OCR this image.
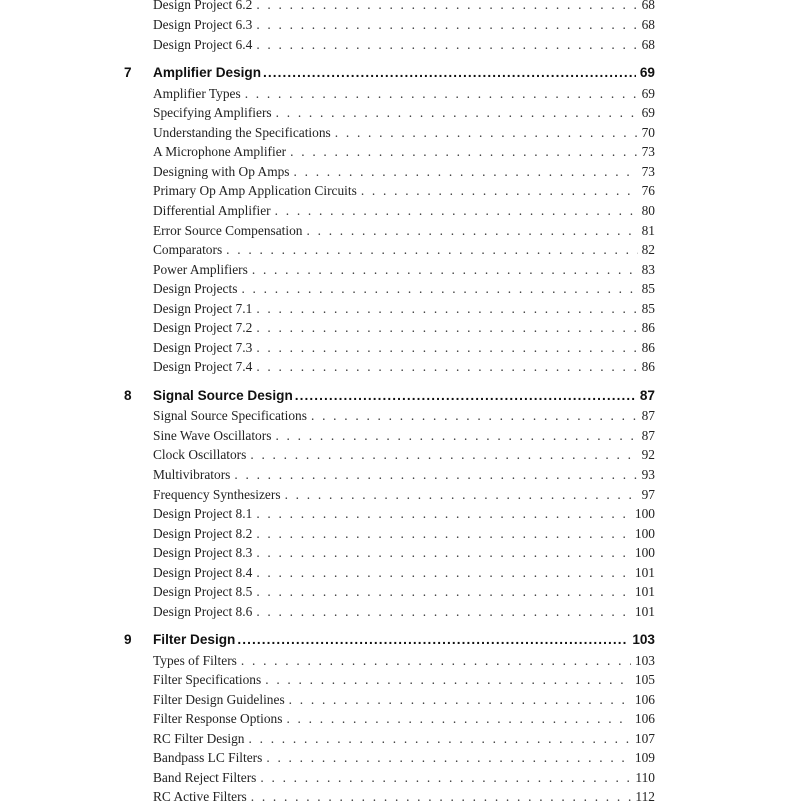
Design Project 6.2 . . .	68
Design Project 6.3 . . .	68
Design Project 6.4 . . .	68
7	Amplifier Design .....	69
Amplifier Types . . .	69
Specifying Amplifiers . . .	69
Understanding the Specifications . . .	70
A Microphone Amplifier . . .	73
Designing with Op Amps . . .	73
Primary Op Amp Application Circuits . . .	76
Differential Amplifier . . .	80
Error Source Compensation . . .	81
Comparators . . .	82
Power Amplifiers . . .	83
Design Projects . . .	85
Design Project 7.1 . . .	85
Design Project 7.2 . . .	86
Design Project 7.3 . . .	86
Design Project 7.4 . . .	86
8	Signal Source Design .....	87
Signal Source Specifications . . .	87
Sine Wave Oscillators . . .	87
Clock Oscillators . . .	92
Multivibrators . . .	93
Frequency Synthesizers . . .	97
Design Project 8.1 . . .	100
Design Project 8.2 . . .	100
Design Project 8.3 . . .	100
Design Project 8.4 . . .	101
Design Project 8.5 . . .	101
Design Project 8.6 . . .	101
9	Filter Design .....	103
Types of Filters . . .	103
Filter Specifications . . .	105
Filter Design Guidelines . . .	106
Filter Response Options . . .	106
RC Filter Design . . .	107
Bandpass LC Filters . . .	109
Band Reject Filters . . .	110
RC Active Filters . . .	112
